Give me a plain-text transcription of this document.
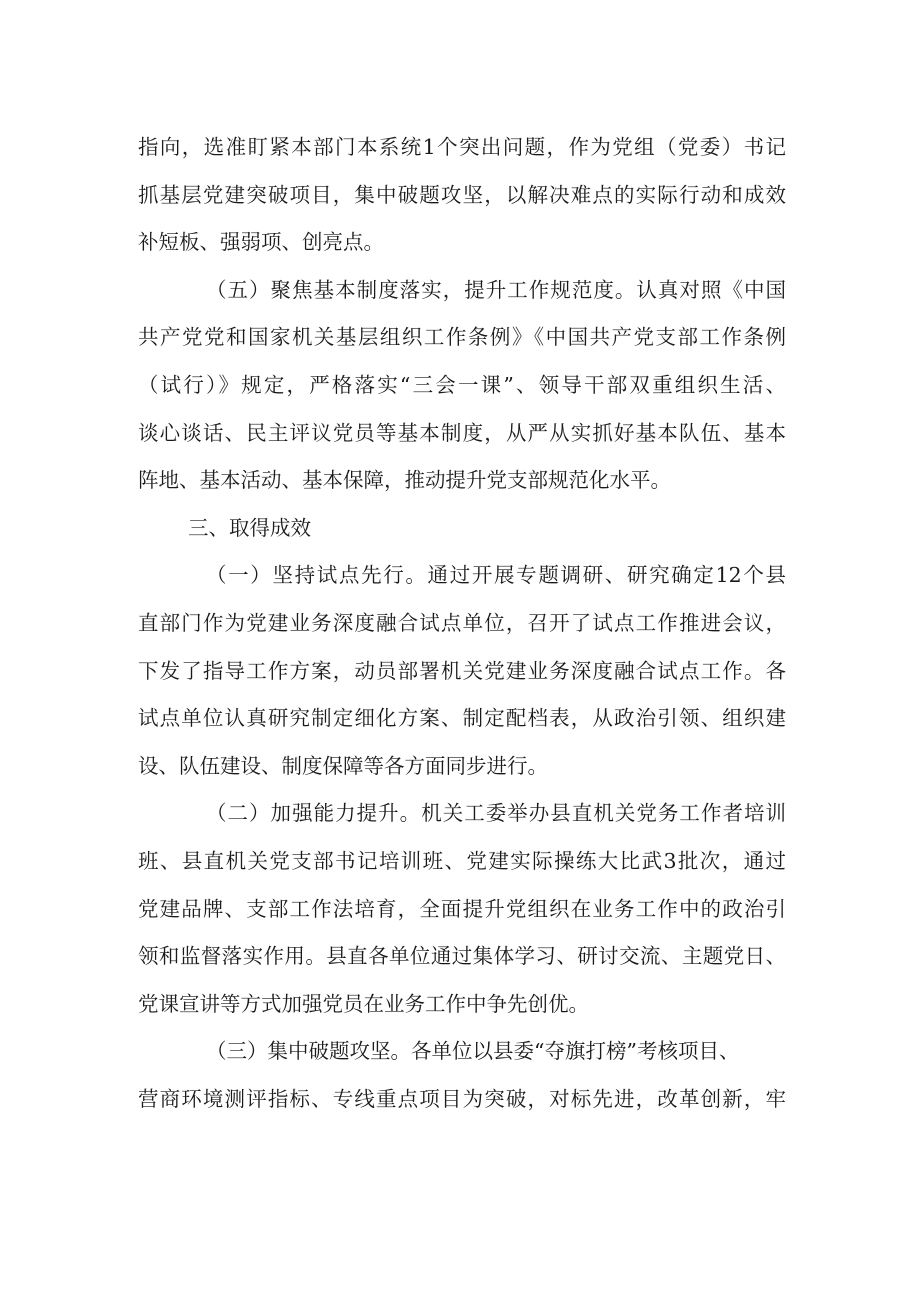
指向，选准盯紧本部门本系统1个突出问题，作为党组（党委）书记
抓基层党建突破项目，集中破题攻坚，以解决难点的实际行动和成效
补短板、强弱项、创亮点。
（五）聚焦基本制度落实，提升工作规范度。认真对照《中国
共产党党和国家机关基层组织工作条例》《中国共产党支部工作条例
（试行）》规定，严格落实“三会一课”、领导干部双重组织生活、
谈心谈话、民主评议党员等基本制度，从严从实抓好基本队伍、基本
阵地、基本活动、基本保障，推动提升党支部规范化水平。
三、取得成效
（一）坚持试点先行。通过开展专题调研、研究确定12个县
直部门作为党建业务深度融合试点单位，召开了试点工作推进会议，
下发了指导工作方案，动员部署机关党建业务深度融合试点工作。各
试点单位认真研究制定细化方案、制定配档表，从政治引领、组织建
设、队伍建设、制度保障等各方面同步进行。
（二）加强能力提升。机关工委举办县直机关党务工作者培训
班、县直机关党支部书记培训班、党建实际操练大比武3批次，通过
党建品牌、支部工作法培育，全面提升党组织在业务工作中的政治引
领和监督落实作用。县直各单位通过集体学习、研讨交流、主题党日、
党课宣讲等方式加强党员在业务工作中争先创优。
（三）集中破题攻坚。各单位以县委“夺旗打榜”考核项目、
营商环境测评指标、专线重点项目为突破，对标先进，改革创新，牢
